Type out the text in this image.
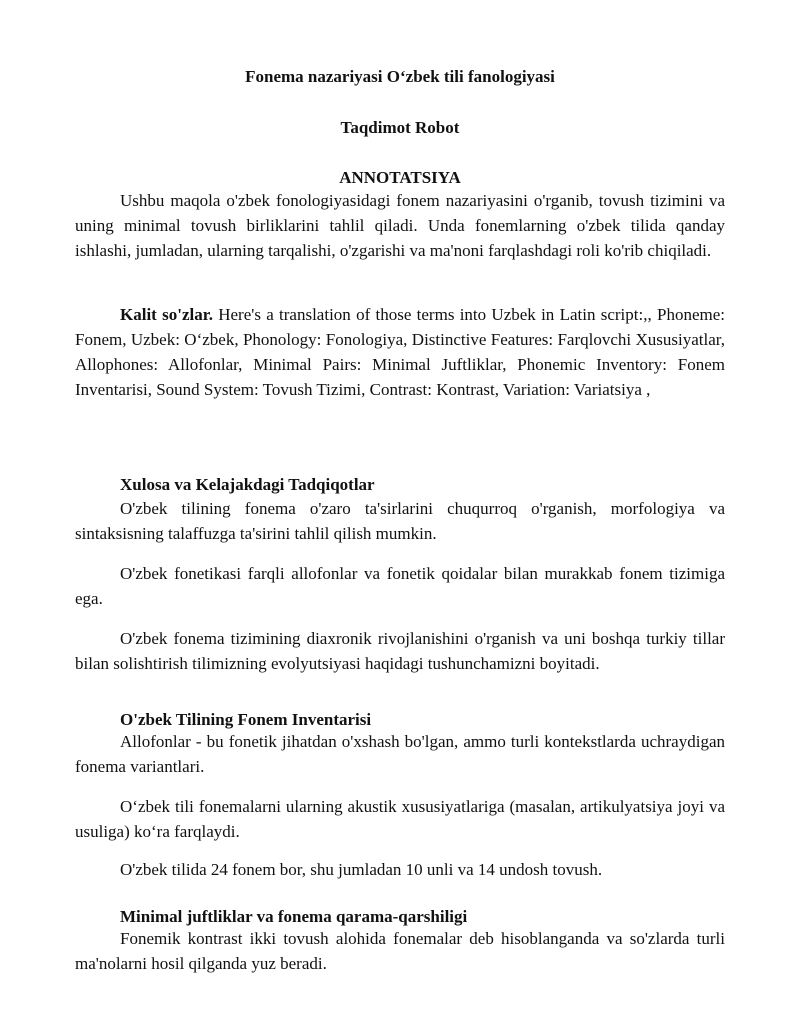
Fonema nazariyasi O‘zbek tili fanologiyasi
Taqdimot Robot
ANNOTATSIYA
Ushbu maqola o'zbek fonologiyasidagi fonem nazariyasini o'rganib, tovush tizimini va uning minimal tovush birliklarini tahlil qiladi. Unda fonemlarning o'zbek tilida qanday ishlashi, jumladan, ularning tarqalishi, o'zgarishi va ma'noni farqlashdagi roli ko'rib chiqiladi.
Kalit so'zlar. Here's a translation of those terms into Uzbek in Latin script:,, Phoneme: Fonem, Uzbek: O‘zbek, Phonology: Fonologiya, Distinctive Features: Farqlovchi Xususiyatlar, Allophones: Allofonlar, Minimal Pairs: Minimal Juftliklar, Phonemic Inventory: Fonem Inventarisi, Sound System: Tovush Tizimi, Contrast: Kontrast, Variation: Variatsiya ,
Xulosa va Kelajakdagi Tadqiqotlar
O'zbek tilining fonema o'zaro ta'sirlarini chuqurroq o'rganish, morfologiya va sintaksisning talaffuzga ta'sirini tahlil qilish mumkin.
O'zbek fonetikasi farqli allofonlar va fonetik qoidalar bilan murakkab fonem tizimiga ega.
O'zbek fonema tizimining diaxronik rivojlanishini o'rganish va uni boshqa turkiy tillar bilan solishtirish tilimizning evolyutsiyasi haqidagi tushunchamizni boyitadi.
O'zbek Tilining Fonem Inventarisi
Allofonlar - bu fonetik jihatdan o'xshash bo'lgan, ammo turli kontekstlarda uchraydigan fonema variantlari.
O‘zbek tili fonemalarni ularning akustik xususiyatlariga (masalan, artikulyatsiya joyi va usuliga) ko‘ra farqlaydi.
O'zbek tilida 24 fonem bor, shu jumladan 10 unli va 14 undosh tovush.
Minimal juftliklar va fonema qarama-qarshiligi
Fonemik kontrast ikki tovush alohida fonemalar deb hisoblanganda va so'zlarda turli ma'nolarni hosil qilganda yuz beradi.
